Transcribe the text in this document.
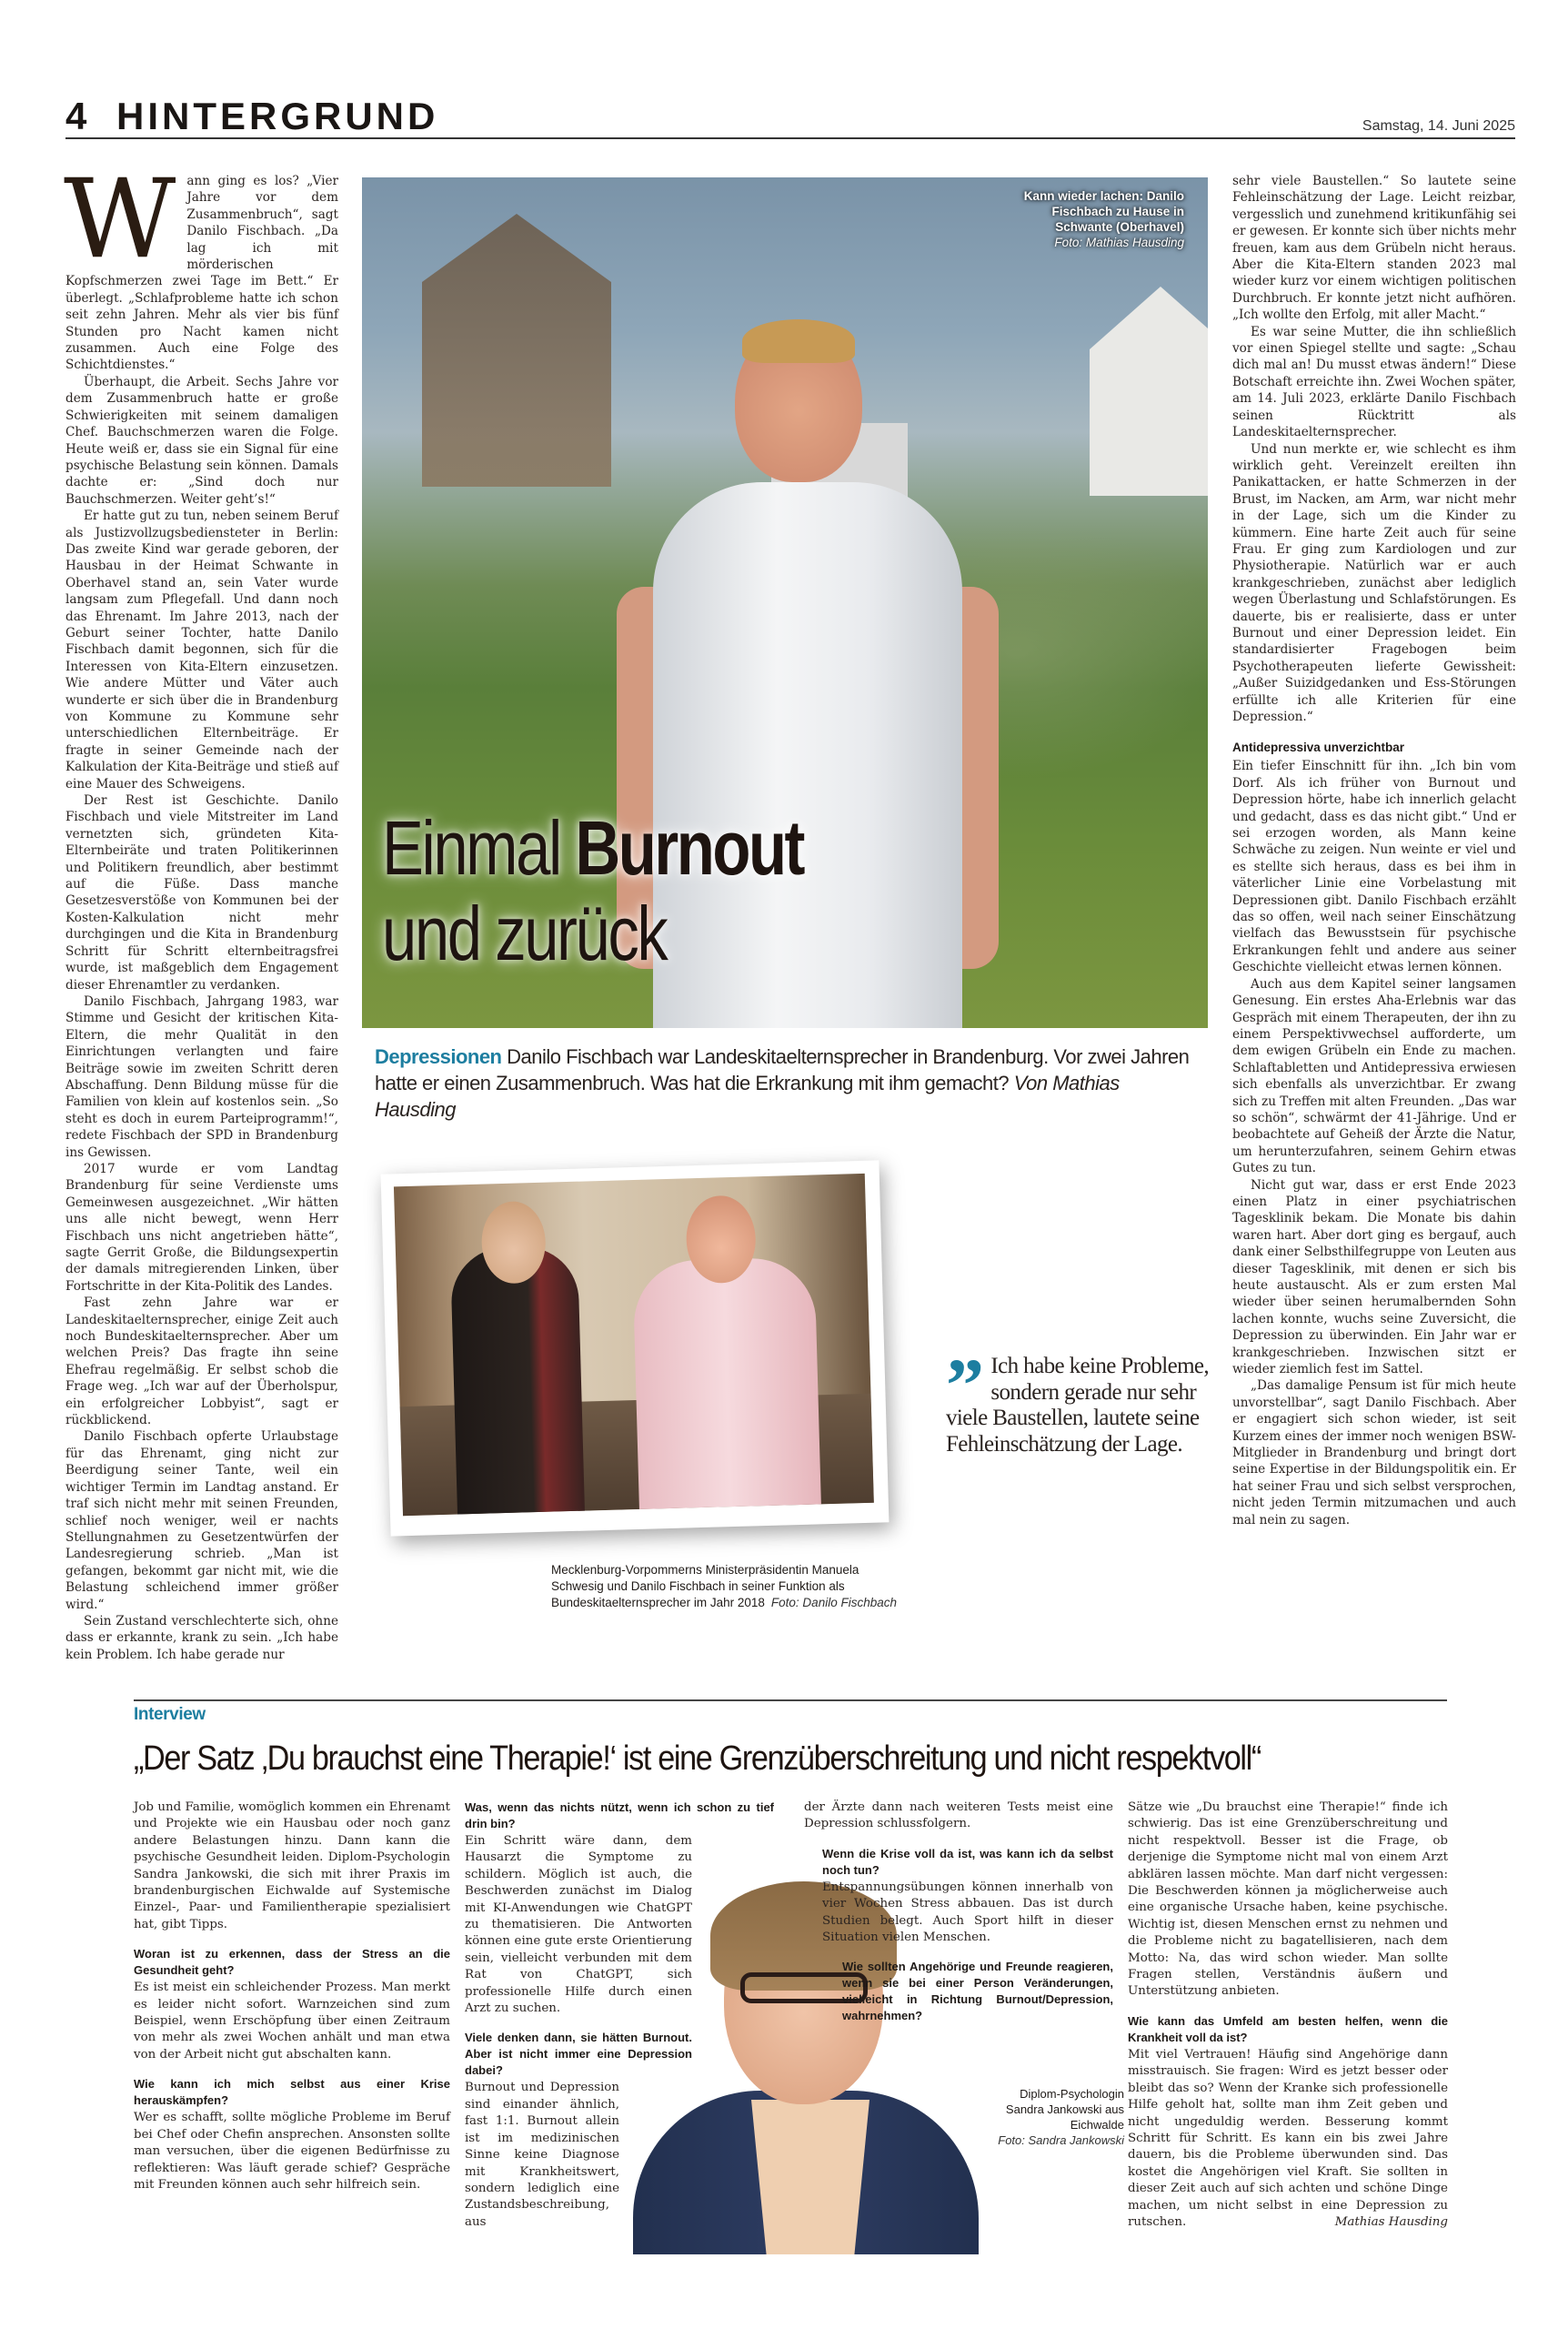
4 HINTERGRUND	Samstag, 14. Juni 2025
W ann ging es los? „Vier Jahre vor dem Zusammenbruch“, sagt Danilo Fischbach. „Da lag ich mit mörderischen Kopfschmerzen zwei Tage im Bett.“ Er überlegt. „Schlafprobleme hatte ich schon seit zehn Jahren. Mehr als vier bis fünf Stunden pro Nacht kamen nicht zusammen. Auch eine Folge des Schichtdienstes.“

Überhaupt, die Arbeit. Sechs Jahre vor dem Zusammenbruch hatte er große Schwierigkeiten mit seinem damaligen Chef. Bauchschmerzen waren die Folge. Heute weiß er, dass sie ein Signal für eine psychische Belastung sein können. Damals dachte er: „Sind doch nur Bauchschmerzen. Weiter geht’s!“

Er hatte gut zu tun, neben seinem Beruf als Justizvollzugsbediensteter in Berlin: Das zweite Kind war gerade geboren, der Hausbau in der Heimat Schwante in Oberhavel stand an, sein Vater wurde langsam zum Pflegefall. Und dann noch das Ehrenamt. Im Jahre 2013, nach der Geburt seiner Tochter, hatte Danilo Fischbach damit begonnen, sich für die Interessen von Kita-Eltern einzusetzen. Wie andere Mütter und Väter auch wunderte er sich über die in Brandenburg von Kommune zu Kommune sehr unterschiedlichen Elternbeiträge. Er fragte in seiner Gemeinde nach der Kalkulation der Kita-Beiträge und stieß auf eine Mauer des Schweigens.

Der Rest ist Geschichte. Danilo Fischbach und viele Mitstreiter im Land vernetzten sich, gründeten Kita-Elternbeiräte und traten Politikerinnen und Politikern freundlich, aber bestimmt auf die Füße. Dass manche Gesetzesverstöße von Kommunen bei der Kosten-Kalkulation nicht mehr durchgingen und die Kita in Brandenburg Schritt für Schritt elternbeitragsfrei wurde, ist maßgeblich dem Engagement dieser Ehrenamtler zu verdanken.

Danilo Fischbach, Jahrgang 1983, war Stimme und Gesicht der kritischen Kita-Eltern, die mehr Qualität in den Einrichtungen verlangten und faire Beiträge sowie im zweiten Schritt deren Abschaffung. Denn Bildung müsse für die Familien von klein auf kostenlos sein. „So steht es doch in eurem Parteiprogramm!“, redete Fischbach der SPD in Brandenburg ins Gewissen.

2017 wurde er vom Landtag Brandenburg für seine Verdienste ums Gemeinwesen ausgezeichnet. „Wir hätten uns alle nicht bewegt, wenn Herr Fischbach uns nicht angetrieben hätte“, sagte Gerrit Große, die Bildungsexpertin der damals mitregierenden Linken, über Fortschritte in der Kita-Politik des Landes.

Fast zehn Jahre war er Landeskitaelternsprecher, einige Zeit auch noch Bundeskitaelternsprecher. Aber um welchen Preis? Das fragte ihn seine Ehefrau regelmäßig. Er selbst schob die Frage weg. „Ich war auf der Überholspur, ein erfolgreicher Lobbyist“, sagt er rückblickend.

Danilo Fischbach opferte Urlaubstage für das Ehrenamt, ging nicht zur Beerdigung seiner Tante, weil ein wichtiger Termin im Landtag anstand. Er traf sich nicht mehr mit seinen Freunden, schlief noch weniger, weil er nachts Stellungnahmen zu Gesetzentwürfen der Landesregierung schrieb. „Man ist gefangen, bekommt gar nicht mit, wie die Belastung schleichend immer größer wird.“

Sein Zustand verschlechterte sich, ohne dass er erkannte, krank zu sein. „Ich habe kein Problem. Ich habe gerade nur

Kann wieder lachen: Danilo Fischbach zu Hause in Schwante (Oberhavel)
Foto: Mathias Hausding
Einmal Burnout
und zurück
Depressionen Danilo Fischbach war Landeskitaelternsprecher in Brandenburg. Vor zwei Jahren hatte er einen Zusammenbruch. Was hat die Erkrankung mit ihm gemacht? Von Mathias Hausding
Mecklenburg-Vorpommerns Ministerpräsidentin Manuela Schwesig und Danilo Fischbach in seiner Funktion als Bundeskitaelternsprecher im Jahr 2018 Foto: Danilo Fischbach
” Ich habe keine Probleme, sondern gerade nur sehr viele Baustellen, lautete seine Fehleinschätzung der Lage.

sehr viele Baustellen.“ So lautete seine Fehleinschätzung der Lage. Leicht reizbar, vergesslich und zunehmend kritikunfähig sei er gewesen. Er konnte sich über nichts mehr freuen, kam aus dem Grübeln nicht heraus. Aber die Kita-Eltern standen 2023 mal wieder kurz vor einem wichtigen politischen Durchbruch. Er konnte jetzt nicht aufhören. „Ich wollte den Erfolg, mit aller Macht.“

Es war seine Mutter, die ihn schließlich vor einen Spiegel stellte und sagte: „Schau dich mal an! Du musst etwas ändern!“ Diese Botschaft erreichte ihn. Zwei Wochen später, am 14. Juli 2023, erklärte Danilo Fischbach seinen Rücktritt als Landeskitaelternsprecher.

Und nun merkte er, wie schlecht es ihm wirklich geht. Vereinzelt ereilten ihn Panikattacken, er hatte Schmerzen in der Brust, im Nacken, am Arm, war nicht mehr in der Lage, sich um die Kinder zu kümmern. Eine harte Zeit auch für seine Frau. Er ging zum Kardiologen und zur Physiotherapie. Natürlich war er auch krankgeschrieben, zunächst aber lediglich wegen Überlastung und Schlafstörungen. Es dauerte, bis er realisierte, dass er unter Burnout und einer Depression leidet. Ein standardisierter Fragebogen beim Psychotherapeuten lieferte Gewissheit: „Außer Suizidgedanken und Ess-Störungen erfüllte ich alle Kriterien für eine Depression.“

Antidepressiva unverzichtbar

Ein tiefer Einschnitt für ihn. „Ich bin vom Dorf. Als ich früher von Burnout und Depression hörte, habe ich innerlich gelacht und gedacht, dass es das nicht gibt.“ Und er sei erzogen worden, als Mann keine Schwäche zu zeigen. Nun weinte er viel und es stellte sich heraus, dass es bei ihm in väterlicher Linie eine Vorbelastung mit Depressionen gibt. Danilo Fischbach erzählt das so offen, weil nach seiner Einschätzung vielfach das Bewusstsein für psychische Erkrankungen fehlt und andere aus seiner Geschichte vielleicht etwas lernen können.

Auch aus dem Kapitel seiner langsamen Genesung. Ein erstes Aha-Erlebnis war das Gespräch mit einem Therapeuten, der ihn zu einem Perspektivwechsel aufforderte, um dem ewigen Grübeln ein Ende zu machen. Schlaftabletten und Antidepressiva erwiesen sich ebenfalls als unverzichtbar. Er zwang sich zu Treffen mit alten Freunden. „Das war so schön“, schwärmt der 41-Jährige. Und er beobachtete auf Geheiß der Ärzte die Natur, um herunterzufahren, seinem Gehirn etwas Gutes zu tun.

Nicht gut war, dass er erst Ende 2023 einen Platz in einer psychiatrischen Tagesklinik bekam. Die Monate bis dahin waren hart. Aber dort ging es bergauf, auch dank einer Selbsthilfegruppe von Leuten aus dieser Tagesklinik, mit denen er sich bis heute austauscht. Als er zum ersten Mal wieder über seinen herumalbernden Sohn lachen konnte, wuchs seine Zuversicht, die Depression zu überwinden. Ein Jahr war er krankgeschrieben. Inzwischen sitzt er wieder ziemlich fest im Sattel.

„Das damalige Pensum ist für mich heute unvorstellbar“, sagt Danilo Fischbach. Aber er engagiert sich schon wieder, ist seit Kurzem eines der immer noch wenigen BSW-Mitglieder in Brandenburg und bringt dort seine Expertise in der Bildungspolitik ein. Er hat seiner Frau und sich selbst versprochen, nicht jeden Termin mitzumachen und auch mal nein zu sagen.

Interview
„Der Satz ‚Du brauchst eine Therapie!‘ ist eine Grenzüberschreitung und nicht respektvoll“

Job und Familie, womöglich kommen ein Ehrenamt und Projekte wie ein Hausbau oder noch ganz andere Belastungen hinzu. Dann kann die psychische Gesundheit leiden. Diplom-Psychologin Sandra Jankowski, die sich mit ihrer Praxis im brandenburgischen Eichwalde auf Systemische Einzel-, Paar- und Familientherapie spezialisiert hat, gibt Tipps.

Woran ist zu erkennen, dass der Stress an die Gesundheit geht?

Es ist meist ein schleichender Prozess. Man merkt es leider nicht sofort. Warnzeichen sind zum Beispiel, wenn Erschöpfung über einen Zeitraum von mehr als zwei Wochen anhält und man etwa von der Arbeit nicht gut abschalten kann.

Wie kann ich mich selbst aus einer Krise herauskämpfen?

Wer es schafft, sollte mögliche Probleme im Beruf bei Chef oder Chefin ansprechen. Ansonsten sollte man versuchen, über die eigenen Bedürfnisse zu reflektieren: Was läuft gerade schief? Gespräche mit Freunden können auch sehr hilfreich sein.

Was, wenn das nichts nützt, wenn ich schon zu tief drin bin?

Ein Schritt wäre dann, dem Hausarzt die Symptome zu schildern. Möglich ist auch, die Beschwerden zunächst im Dialog mit KI-Anwendungen wie ChatGPT zu thematisieren. Die Antworten können eine gute erste Orientierung sein, vielleicht verbunden mit dem Rat von ChatGPT, sich professionelle Hilfe durch einen Arzt zu suchen.

Viele denken dann, sie hätten Burnout. Aber ist nicht immer eine Depression dabei?

Burnout und Depression sind einander ähnlich, fast 1:1. Burnout allein ist im medizinischen Sinne keine Diagnose mit Krankheitswert, sondern lediglich eine Zustandsbeschreibung, aus

der Ärzte dann nach weiteren Tests meist eine Depression schlussfolgern.

Wenn die Krise voll da ist, was kann ich da selbst noch tun?

Entspannungsübungen können innerhalb von vier Wochen Stress abbauen. Das ist durch Studien belegt. Auch Sport hilft in dieser Situation vielen Menschen.

Wie sollten Angehörige und Freunde reagieren, wenn sie bei einer Person Veränderungen, vielleicht in Richtung Burnout/Depression, wahrnehmen?
Diplom-Psychologin Sandra Jankowski aus Eichwalde
Foto: Sandra Jankowski

Sätze wie „Du brauchst eine Therapie!“ finde ich schwierig. Das ist eine Grenzüberschreitung und nicht respektvoll. Besser ist die Frage, ob derjenige die Symptome nicht mal von einem Arzt abklären lassen möchte. Man darf nicht vergessen: Die Beschwerden können ja möglicherweise auch eine organische Ursache haben, keine psychische. Wichtig ist, diesen Menschen ernst zu nehmen und die Probleme nicht zu bagatellisieren, nach dem Motto: Na, das wird schon wieder. Man sollte Fragen stellen, Verständnis äußern und Unterstützung anbieten.

Wie kann das Umfeld am besten helfen, wenn die Krankheit voll da ist?

Mit viel Vertrauen! Häufig sind Angehörige dann misstrauisch. Sie fragen: Wird es jetzt besser oder bleibt das so? Wenn der Kranke sich professionelle Hilfe geholt hat, sollte man ihm Zeit geben und nicht ungeduldig werden. Besserung kommt Schritt für Schritt. Es kann ein bis zwei Jahre dauern, bis die Probleme überwunden sind. Das kostet die Angehörigen viel Kraft. Sie sollten in dieser Zeit auch auf sich achten und schöne Dinge machen, um nicht selbst in eine Depression zu rutschen.	Mathias Hausding
